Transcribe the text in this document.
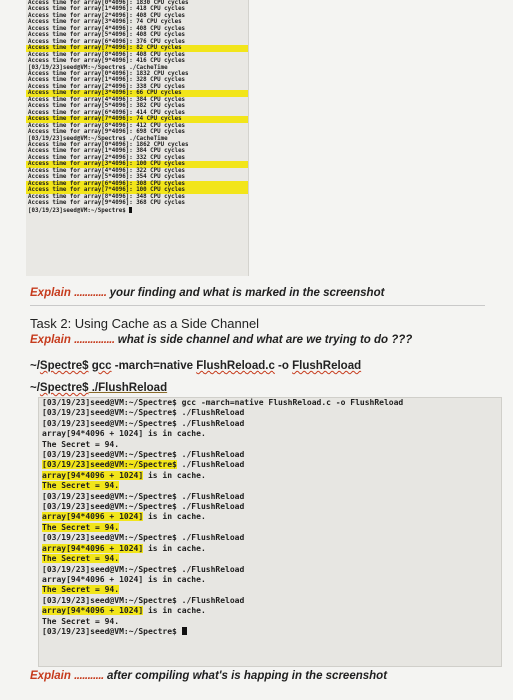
Access time for array[0*4096]: 1830 CPU cycles
Access time for array[1*4096]: 418 CPU cycles
Access time for array[2*4096]: 408 CPU cycles
Access time for array[3*4096]: 74 CPU cycles
Access time for array[4*4096]: 408 CPU cycles
Access time for array[5*4096]: 408 CPU cycles
Access time for array[6*4096]: 376 CPU cycles
Access time for array[7*4096]: 82 CPU cycles
Access time for array[8*4096]: 408 CPU cycles
Access time for array[9*4096]: 416 CPU cycles
[03/19/23]seed@VM:~/Spectre$ ./CacheTime
Access time for array[0*4096]: 1832 CPU cycles
Access time for array[1*4096]: 328 CPU cycles
Access time for array[2*4096]: 338 CPU cycles
Access time for array[3*4096]: 66 CPU cycles
Access time for array[4*4096]: 384 CPU cycles
Access time for array[5*4096]: 382 CPU cycles
Access time for array[6*4096]: 414 CPU cycles
Access time for array[7*4096]: 74 CPU cycles
Access time for array[8*4096]: 412 CPU cycles
Access time for array[9*4096]: 698 CPU cycles
[03/19/23]seed@VM:~/Spectre$ ./CacheTime
Access time for array[0*4096]: 1862 CPU cycles
Access time for array[1*4096]: 384 CPU cycles
Access time for array[2*4096]: 332 CPU cycles
Access time for array[3*4096]: 100 CPU cycles
Access time for array[4*4096]: 322 CPU cycles
Access time for array[5*4096]: 354 CPU cycles
Access time for array[6*4096]: 308 CPU cycles
Access time for array[7*4096]: 100 CPU cycles
Access time for array[8*4096]: 348 CPU cycles
Access time for array[9*4096]: 368 CPU cycles
[03/19/23]seed@VM:~/Spectre$
Explain ............ your finding and what is marked in the screenshot
Task 2: Using Cache as a Side Channel
Explain ............... what is side channel and what are we trying to do ???
~/Spectre$ gcc -march=native FlushReload.c -o FlushReload
~/Spectre$ ./FlushReload
[03/19/23]seed@VM:~/Spectre$ gcc -march=native FlushReload.c -o FlushReload
[03/19/23]seed@VM:~/Spectre$ ./FlushReload
[03/19/23]seed@VM:~/Spectre$ ./FlushReload
array[94*4096 + 1024] is in cache.
The Secret = 94.
[03/19/23]seed@VM:~/Spectre$ ./FlushReload
[03/19/23]seed@VM:~/Spectre$ ./FlushReload
array[94*4096 + 1024] is in cache.
The Secret = 94.
[03/19/23]seed@VM:~/Spectre$ ./FlushReload
[03/19/23]seed@VM:~/Spectre$ ./FlushReload
array[94*4096 + 1024] is in cache.
The Secret = 94.
[03/19/23]seed@VM:~/Spectre$ ./FlushReload
array[94*4096 + 1024] is in cache.
The Secret = 94.
[03/19/23]seed@VM:~/Spectre$ ./FlushReload
array[94*4096 + 1024] is in cache.
The Secret = 94.
[03/19/23]seed@VM:~/Spectre$ ./FlushReload
array[94*4096 + 1024] is in cache.
The Secret = 94.
[03/19/23]seed@VM:~/Spectre$
Explain ........... after compiling what's is happing in the screenshot
